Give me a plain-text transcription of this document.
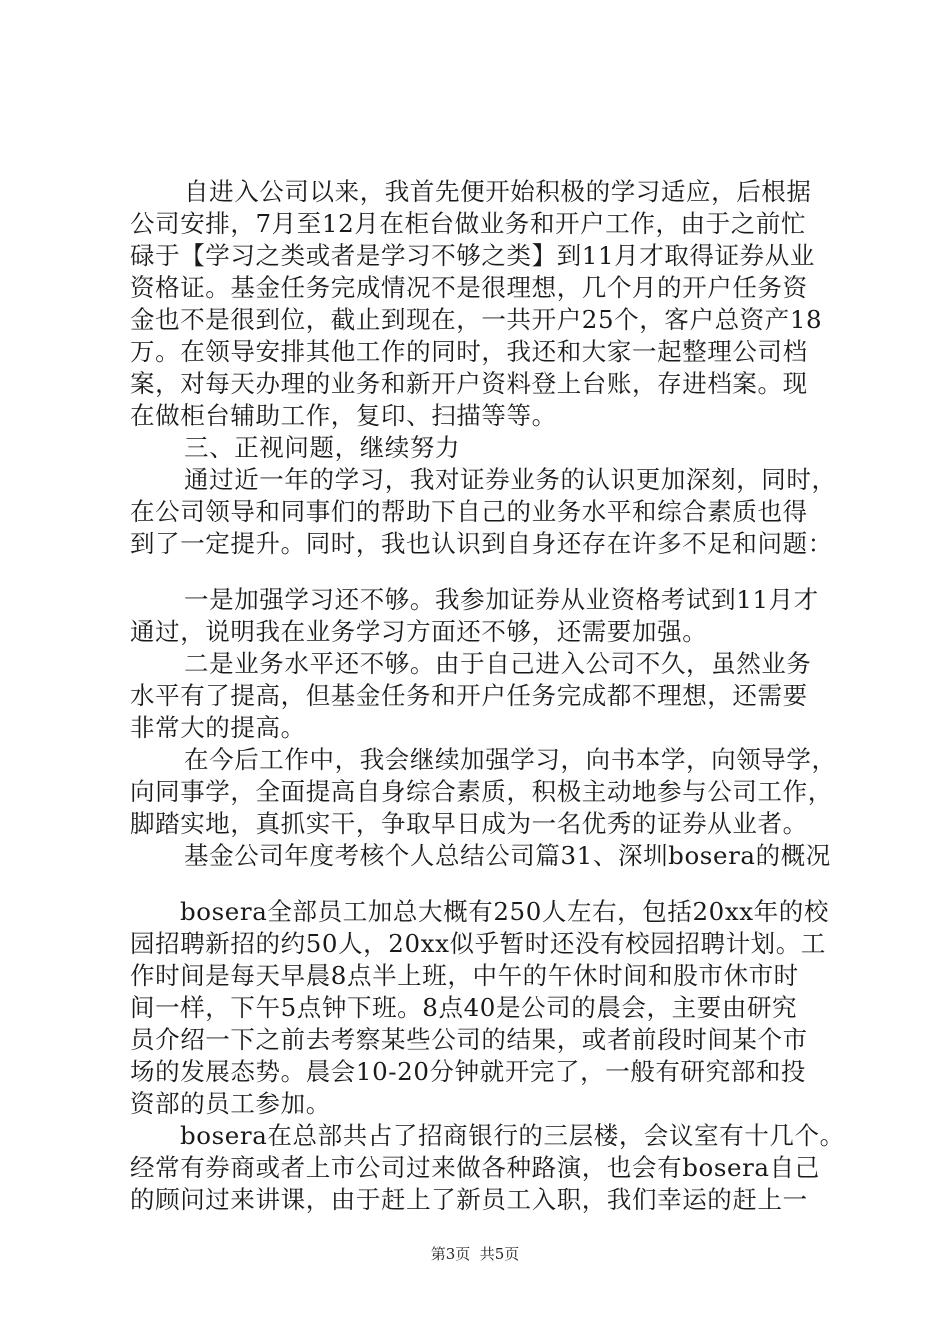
自进入公司以来，我首先便开始积极的学习适应，后根据
公司安排，7月至12月在柜台做业务和开户工作，由于之前忙
碌于【学习之类或者是学习不够之类】到11月才取得证券从业
资格证。基金任务完成情况不是很理想，几个月的开户任务资
金也不是很到位，截止到现在，一共开户25个，客户总资产18
万。在领导安排其他工作的同时，我还和大家一起整理公司档
案，对每天办理的业务和新开户资料登上台账，存进档案。现
在做柜台辅助工作，复印、扫描等等。
三、正视问题，继续努力
通过近一年的学习，我对证券业务的认识更加深刻，同时，
在公司领导和同事们的帮助下自己的业务水平和综合素质也得
到了一定提升。同时，我也认识到自身还存在许多不足和问题：
一是加强学习还不够。我参加证券从业资格考试到11月才
通过，说明我在业务学习方面还不够，还需要加强。
二是业务水平还不够。由于自己进入公司不久，虽然业务
水平有了提高，但基金任务和开户任务完成都不理想，还需要
非常大的提高。
在今后工作中，我会继续加强学习，向书本学，向领导学，
向同事学，全面提高自身综合素质，积极主动地参与公司工作，
脚踏实地，真抓实干，争取早日成为一名优秀的证券从业者。
基金公司年度考核个人总结公司篇31、深圳bosera的概况
bosera全部员工加总大概有250人左右，包括20xx年的校
园招聘新招的约50人，20xx似乎暂时还没有校园招聘计划。工
作时间是每天早晨8点半上班，中午的午休时间和股市休市时
间一样，下午5点钟下班。8点40是公司的晨会，主要由研究
员介绍一下之前去考察某些公司的结果，或者前段时间某个市
场的发展态势。晨会10-20分钟就开完了，一般有研究部和投
资部的员工参加。
bosera在总部共占了招商银行的三层楼，会议室有十几个。
经常有券商或者上市公司过来做各种路演，也会有bosera自己
的顾问过来讲课，由于赶上了新员工入职，我们幸运的赶上一
第3页  共5页
